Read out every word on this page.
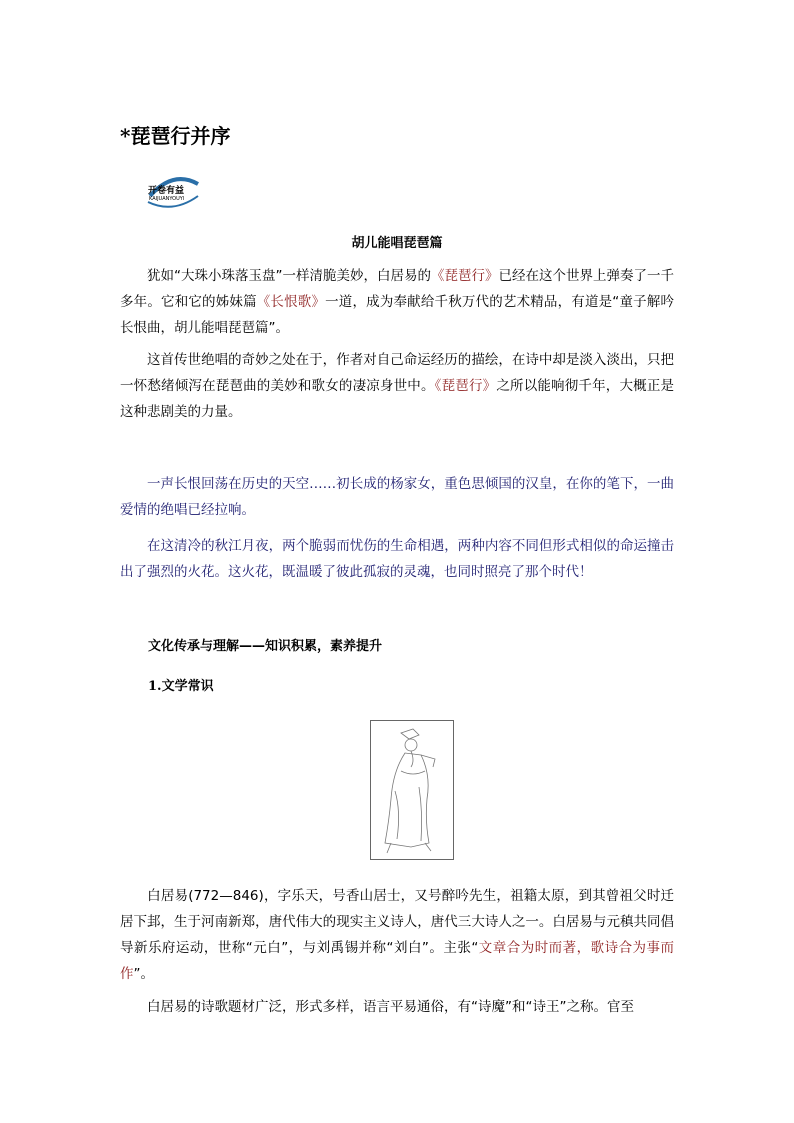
*琵琶行并序
开卷有益
KAIJUANYOUYI
胡儿能唱琵琶篇
犹如“大珠小珠落玉盘”一样清脆美妙，白居易的《琵琶行》已经在这个世界上弹奏了一千多年。它和它的姊妹篇《长恨歌》一道，成为奉献给千秋万代的艺术精品，有道是“童子解吟长恨曲，胡儿能唱琵琶篇”。
这首传世绝唱的奇妙之处在于，作者对自己命运经历的描绘，在诗中却是淡入淡出，只把一怀愁绪倾泻在琵琶曲的美妙和歌女的凄凉身世中。《琵琶行》之所以能响彻千年，大概正是这种悲剧美的力量。
一声长恨回荡在历史的天空……初长成的杨家女，重色思倾国的汉皇，在你的笔下，一曲爱情的绝唱已经拉响。
在这清冷的秋江月夜，两个脆弱而忧伤的生命相遇，两种内容不同但形式相似的命运撞击出了强烈的火花。这火花，既温暖了彼此孤寂的灵魂，也同时照亮了那个时代！
文化传承与理解——知识积累，素养提升
1.文学常识
白居易(772—846)，字乐天，号香山居士，又号醉吟先生，祖籍太原，到其曾祖父时迁居下邽，生于河南新郑，唐代伟大的现实主义诗人，唐代三大诗人之一。白居易与元稹共同倡导新乐府运动，世称“元白”，与刘禹锡并称“刘白”。主张“文章合为时而著，歌诗合为事而作”。
白居易的诗歌题材广泛，形式多样，语言平易通俗，有“诗魔”和“诗王”之称。官至
